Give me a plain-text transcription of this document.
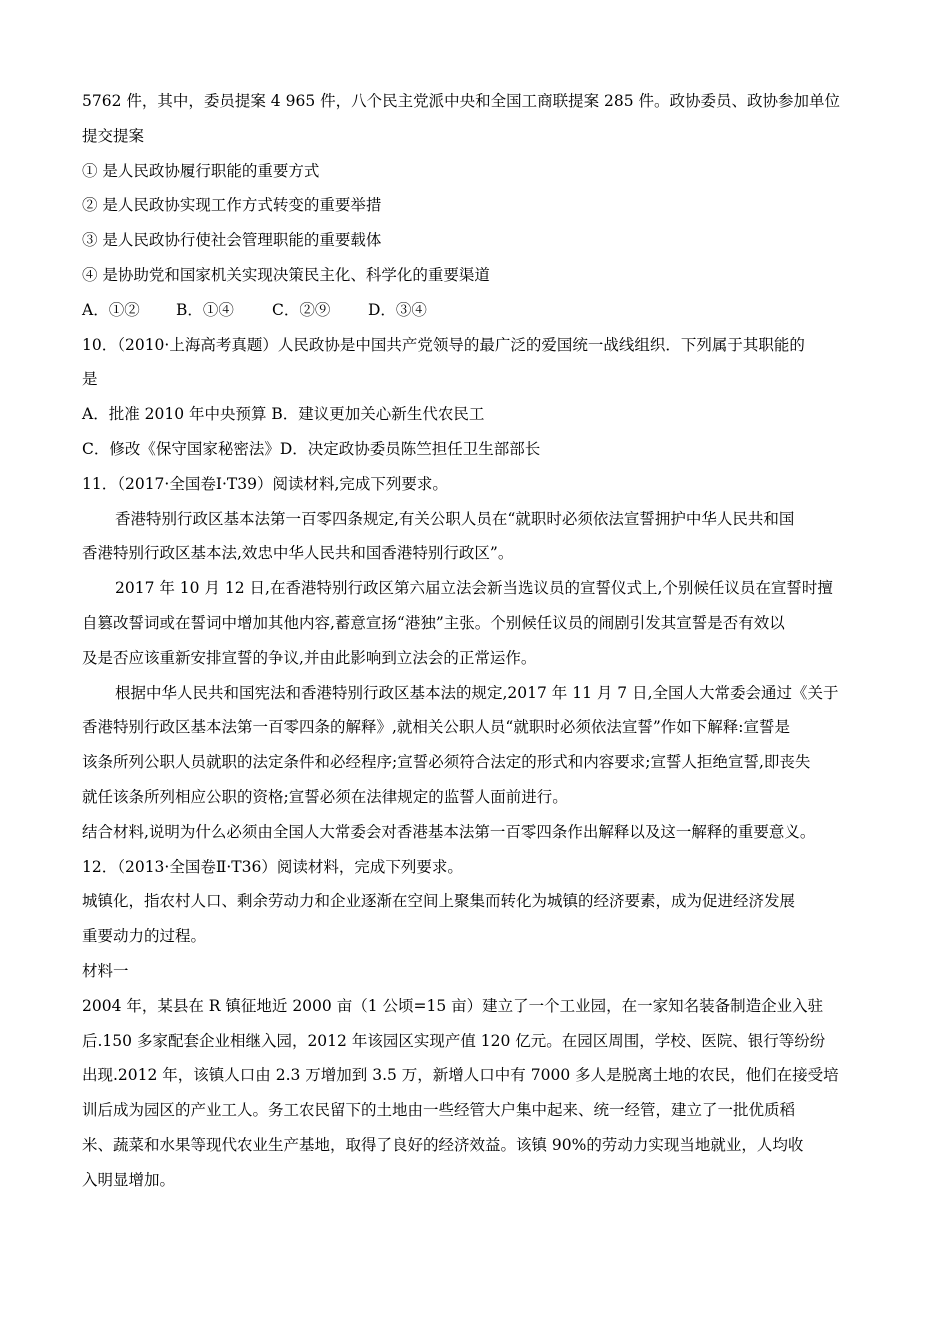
5762 件，其中，委员提案 4 965 件，八个民主党派中央和全国工商联提案 285 件。政协委员、政协参加单位
提交提案
① 是人民政协履行职能的重要方式
② 是人民政协实现工作方式转变的重要举措
③ 是人民政协行使社会管理职能的重要载体
④ 是协助党和国家机关实现决策民主化、科学化的重要渠道
A．①② B．①④ C．②⑨ D．③④
10．（2010·上海高考真题）人民政协是中国共产党领导的最广泛的爱国统一战线组织．下列属于其职能的
是
A．批准 2010 年中央预算 B．建议更加关心新生代农民工
C．修改《保守国家秘密法》D．决定政协委员陈竺担任卫生部部长
11．（2017·全国卷Ⅰ·T39）阅读材料,完成下列要求。
香港特别行政区基本法第一百零四条规定,有关公职人员在“就职时必须依法宣誓拥护中华人民共和国
香港特别行政区基本法,效忠中华人民共和国香港特别行政区”。
2017 年 10 月 12 日,在香港特别行政区第六届立法会新当选议员的宣誓仪式上,个别候任议员在宣誓时擅
自篡改誓词或在誓词中增加其他内容,蓄意宣扬“港独”主张。个别候任议员的闹剧引发其宣誓是否有效以
及是否应该重新安排宣誓的争议,并由此影响到立法会的正常运作。
根据中华人民共和国宪法和香港特别行政区基本法的规定,2017 年 11 月 7 日,全国人大常委会通过《关于
香港特别行政区基本法第一百零四条的解释》,就相关公职人员“就职时必须依法宣誓”作如下解释:宣誓是
该条所列公职人员就职的法定条件和必经程序;宣誓必须符合法定的形式和内容要求;宣誓人拒绝宣誓,即丧失
就任该条所列相应公职的资格;宣誓必须在法律规定的监誓人面前进行。
结合材料,说明为什么必须由全国人大常委会对香港基本法第一百零四条作出解释以及这一解释的重要意义。
12．（2013·全国卷Ⅱ·T36）阅读材料，完成下列要求。
城镇化，指农村人口、剩余劳动力和企业逐渐在空间上聚集而转化为城镇的经济要素，成为促进经济发展
重要动力的过程。
材料一
2004 年，某县在 R 镇征地近 2000 亩（1 公顷=15 亩）建立了一个工业园，在一家知名装备制造企业入驻
后.150 多家配套企业相继入园，2012 年该园区实现产值 120 亿元。在园区周围，学校、医院、银行等纷纷
出现.2012 年，该镇人口由 2.3 万增加到 3.5 万，新增人口中有 7000 多人是脱离土地的农民，他们在接受培
训后成为园区的产业工人。务工农民留下的土地由一些经管大户集中起来、统一经管，建立了一批优质稻
米、蔬菜和水果等现代农业生产基地，取得了良好的经济效益。该镇 90%的劳动力实现当地就业，人均收
入明显增加。
